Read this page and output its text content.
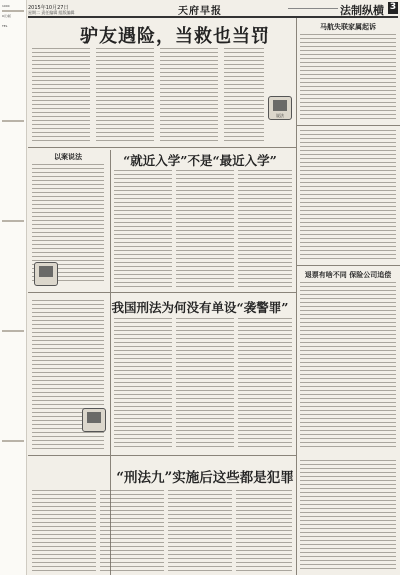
100C
0元/版
TEL
2015年10月27日
星期二 责任编辑 组版编辑	天府早报	法制纵横 3
驴友遇险，当救也当罚
说法
以案说法	“就近入学”不是“最近入学”
我国刑法为何没有单设“袭警罪”
马航失联家属起诉
退票有啥不同 保险公司追偿
“刑法九”实施后这些都是犯罪
